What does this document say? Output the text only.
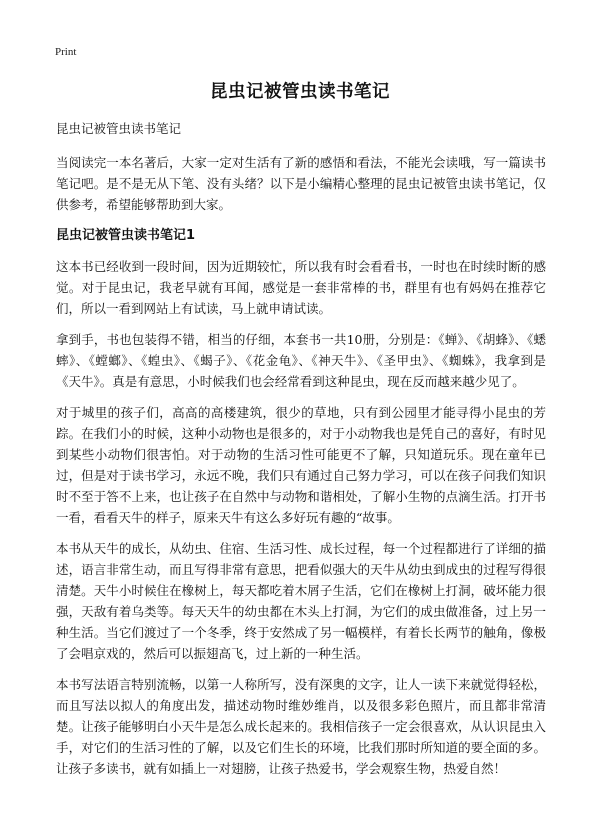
Print
昆虫记被管虫读书笔记

昆虫记被管虫读书笔记

当阅读完一本名著后，大家一定对生活有了新的感悟和看法，不能光会读哦，写一篇读书笔记吧。是不是无从下笔、没有头绪？以下是小编精心整理的昆虫记被管虫读书笔记，仅供参考，希望能够帮助到大家。

昆虫记被管虫读书笔记1

这本书已经收到一段时间，因为近期较忙，所以我有时会看看书，一时也在时续时断的感觉。对于昆虫记，我老早就有耳闻，感觉是一套非常棒的书，群里有也有妈妈在推荐它们，所以一看到网站上有试读，马上就申请试读。

拿到手，书也包装得不错，相当的仔细，本套书一共10册，分别是：《蝉》、《胡蜂》、《蟋蟀》、《螳螂》、《蝗虫》、《蝎子》、《花金龟》、《神天牛》、《圣甲虫》、《蜘蛛》，我拿到是《天牛》。真是有意思，小时候我们也会经常看到这种昆虫，现在反而越来越少见了。

对于城里的孩子们，高高的高楼建筑，很少的草地，只有到公园里才能寻得小昆虫的芳踪。在我们小的时候，这种小动物也是很多的，对于小动物我也是凭自己的喜好，有时见到某些小动物们很害怕。对于动物的生活习性可能更不了解，只知道玩乐。现在童年已过，但是对于读书学习，永远不晚，我们只有通过自己努力学习，可以在孩子问我们知识时不至于答不上来，也让孩子在自然中与动物和谐相处，了解小生物的点滴生活。打开书一看，看看天牛的样子，原来天牛有这么多好玩有趣的“故事。

本书从天牛的成长，从幼虫、住宿、生活习性、成长过程，每一个过程都进行了详细的描述，语言非常生动，而且写得非常有意思，把看似强大的天牛从幼虫到成虫的过程写得很清楚。天牛小时候住在橡树上，每天都吃着木屑子生活，它们在橡树上打洞，破坏能力很强，天敌有着乌类等。每天天牛的幼虫都在木头上打洞，为它们的成虫做准备，过上另一种生活。当它们渡过了一个冬季，终于安然成了另一幅模样，有着长长两节的触角，像极了会唱京戏的，然后可以振翅高飞，过上新的一种生活。

本书写法语言特别流畅，以第一人称所写，没有深奥的文字，让人一读下来就觉得轻松，而且写法以拟人的角度出发，描述动物时维妙维肖，以及很多彩色照片，而且都非常清楚。让孩子能够明白小天牛是怎么成长起来的。我相信孩子一定会很喜欢，从认识昆虫入手，对它们的生活习性的了解，以及它们生长的环境，比我们那时所知道的要全面的多。让孩子多读书，就有如插上一对翅膀，让孩子热爱书，学会观察生物，热爱自然！
